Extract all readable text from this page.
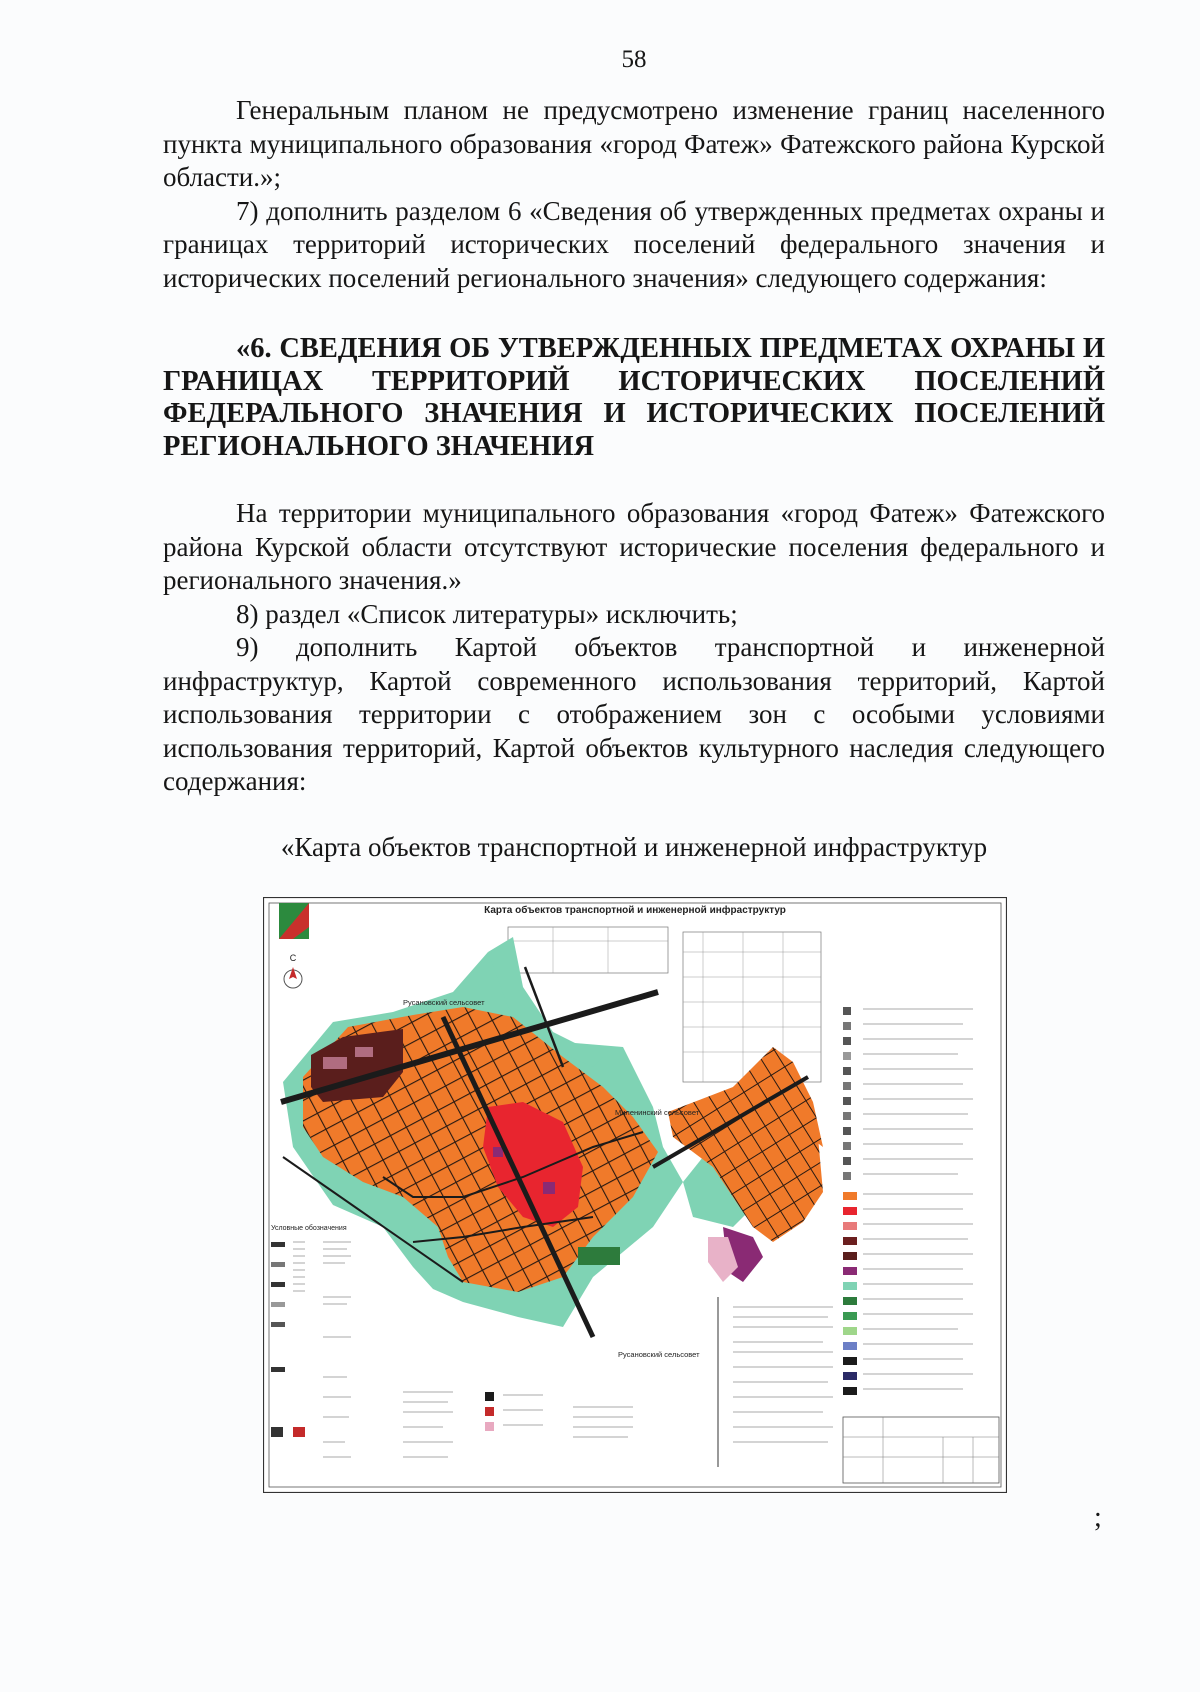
58

Генеральным планом не предусмотрено изменение границ населенного пункта муниципального образования «город Фатеж» Фатежского района Курской области.»;

7) дополнить разделом 6 «Сведения об утвержденных предметах охраны и границах территорий исторических поселений федерального значения и исторических поселений регионального значения» следующего содержания:

«6. СВЕДЕНИЯ ОБ УТВЕРЖДЕННЫХ ПРЕДМЕТАХ ОХРАНЫ И ГРАНИЦАХ ТЕРРИТОРИЙ ИСТОРИЧЕСКИХ ПОСЕЛЕНИЙ ФЕДЕРАЛЬНОГО ЗНАЧЕНИЯ И ИСТОРИЧЕСКИХ ПОСЕЛЕНИЙ РЕГИОНАЛЬНОГО ЗНАЧЕНИЯ

На территории муниципального образования «город Фатеж» Фатежского района Курской области отсутствуют исторические поселения федерального и регионального значения.»

8) раздел «Список литературы» исключить;

9) дополнить Картой объектов транспортной и инженерной инфраструктур, Картой современного использования территорий, Картой использования территории с отображением зон с особыми условиями использования территорий, Картой объектов культурного наследия следующего содержания:

«Карта объектов транспортной и инженерной инфраструктур
Карта объектов транспортной и инженерной инфраструктур
С
Русановский сельсовет
Миленинский сельсовет
Русановский сельсовет
Условные обозначения
;
